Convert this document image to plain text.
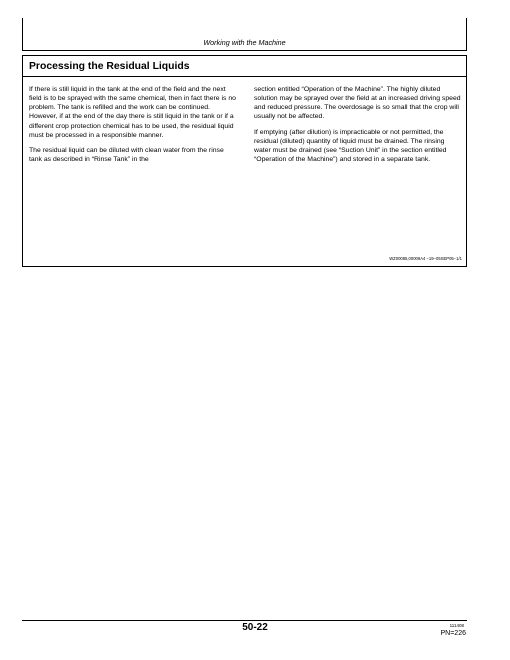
Working with the Machine
Processing the Residual Liquids

If there is still liquid in the tank at the end of the field and the next field is to be sprayed with the same chemical, then in fact there is no problem. The tank is refilled and the work can be continued. However, if at the end of the day there is still liquid in the tank or if a different crop protection chemical has to be used, the residual liquid must be processed in a responsible manner.

The residual liquid can be diluted with clean water from the rinse tank as described in “Rinse Tank” in the

section entitled “Operation of the Machine”. The highly diluted solution may be sprayed over the field at an increased driving speed and reduced pressure. The overdosage is so small that the crop will usually not be affected.

If emptying (after dilution) is impracticable or not permitted, the residual (diluted) quantity of liquid must be drained. The rinsing water must be drained (see “Suction Unit” in the section entitled “Operation of the Machine”) and stored in a separate tank.

WZ00085,00009A4 −19−05SEP05−1/1
50-22	111408
PN=226
